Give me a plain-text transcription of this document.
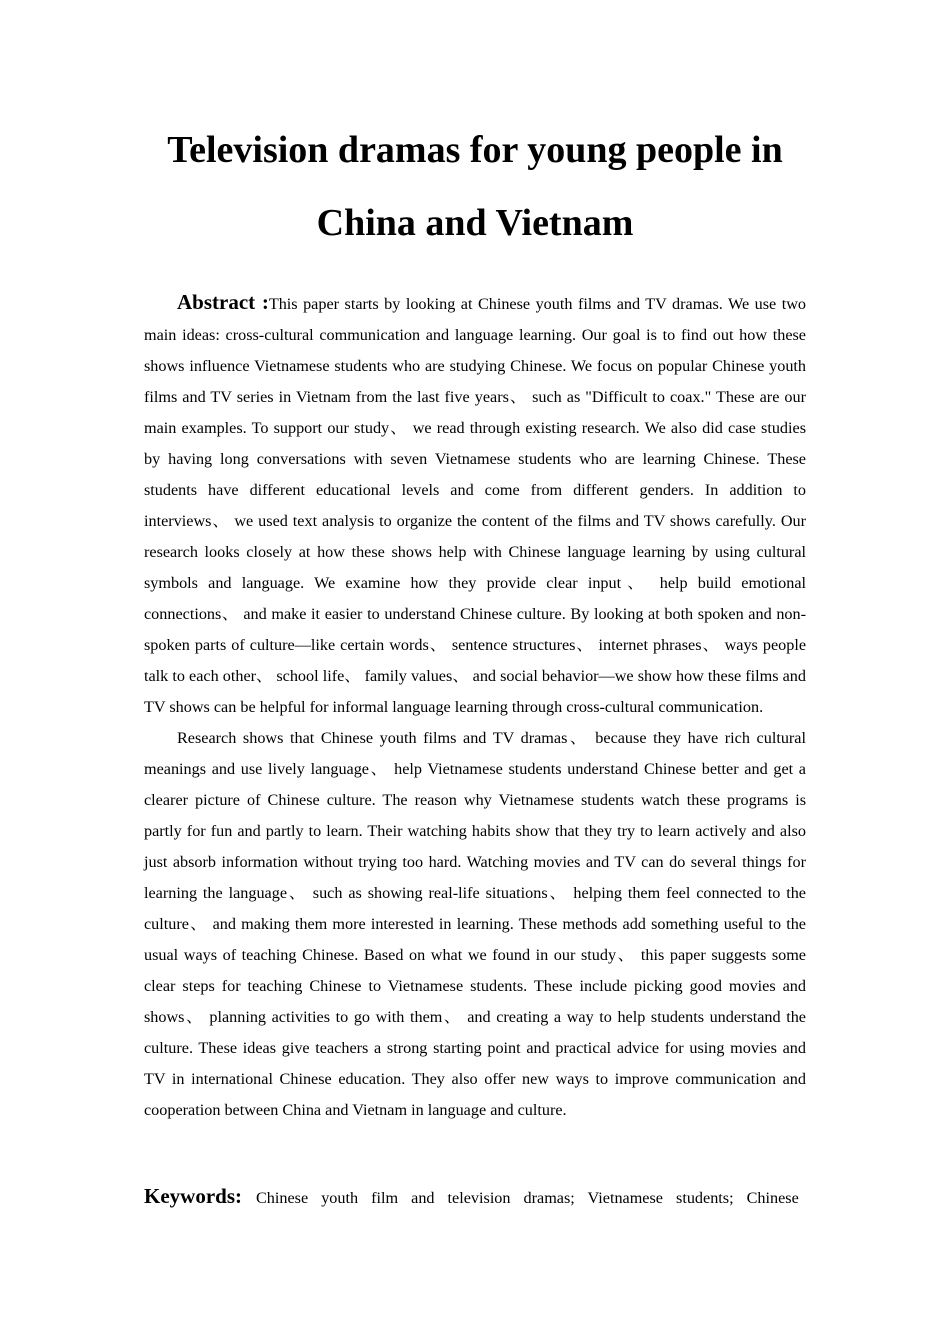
Television dramas for young people in
China and Vietnam

Abstract :This paper starts by looking at Chinese youth films and TV dramas. We use two main ideas: cross-cultural communication and language learning. Our goal is to find out how these shows influence Vietnamese students who are studying Chinese. We focus on popular Chinese youth films and TV series in Vietnam from the last five years、 such as "Difficult to coax." These are our main examples. To support our study、 we read through existing research. We also did case studies by having long conversations with seven Vietnamese students who are learning Chinese. These students have different educational levels and come from different genders. In addition to interviews、 we used text analysis to organize the content of the films and TV shows carefully. Our research looks closely at how these shows help with Chinese language learning by using cultural symbols and language. We examine how they provide clear input、 help build emotional connections、 and make it easier to understand Chinese culture. By looking at both spoken and non-spoken parts of culture—like certain words、 sentence structures、 internet phrases、 ways people talk to each other、 school life、 family values、 and social behavior—we show how these films and TV shows can be helpful for informal language learning through cross-cultural communication.

Research shows that Chinese youth films and TV dramas、 because they have rich cultural meanings and use lively language、 help Vietnamese students understand Chinese better and get a clearer picture of Chinese culture. The reason why Vietnamese students watch these programs is partly for fun and partly to learn. Their watching habits show that they try to learn actively and also just absorb information without trying too hard. Watching movies and TV can do several things for learning the language、 such as showing real-life situations、 helping them feel connected to the culture、 and making them more interested in learning. These methods add something useful to the usual ways of teaching Chinese. Based on what we found in our study、 this paper suggests some clear steps for teaching Chinese to Vietnamese students. These include picking good movies and shows、 planning activities to go with them、 and creating a way to help students understand the culture. These ideas give teachers a strong starting point and practical advice for using movies and TV in international Chinese education. They also offer new ways to improve communication and cooperation between China and Vietnam in language and culture.

Keywords: Chinese youth film and television dramas; Vietnamese students; Chinese
